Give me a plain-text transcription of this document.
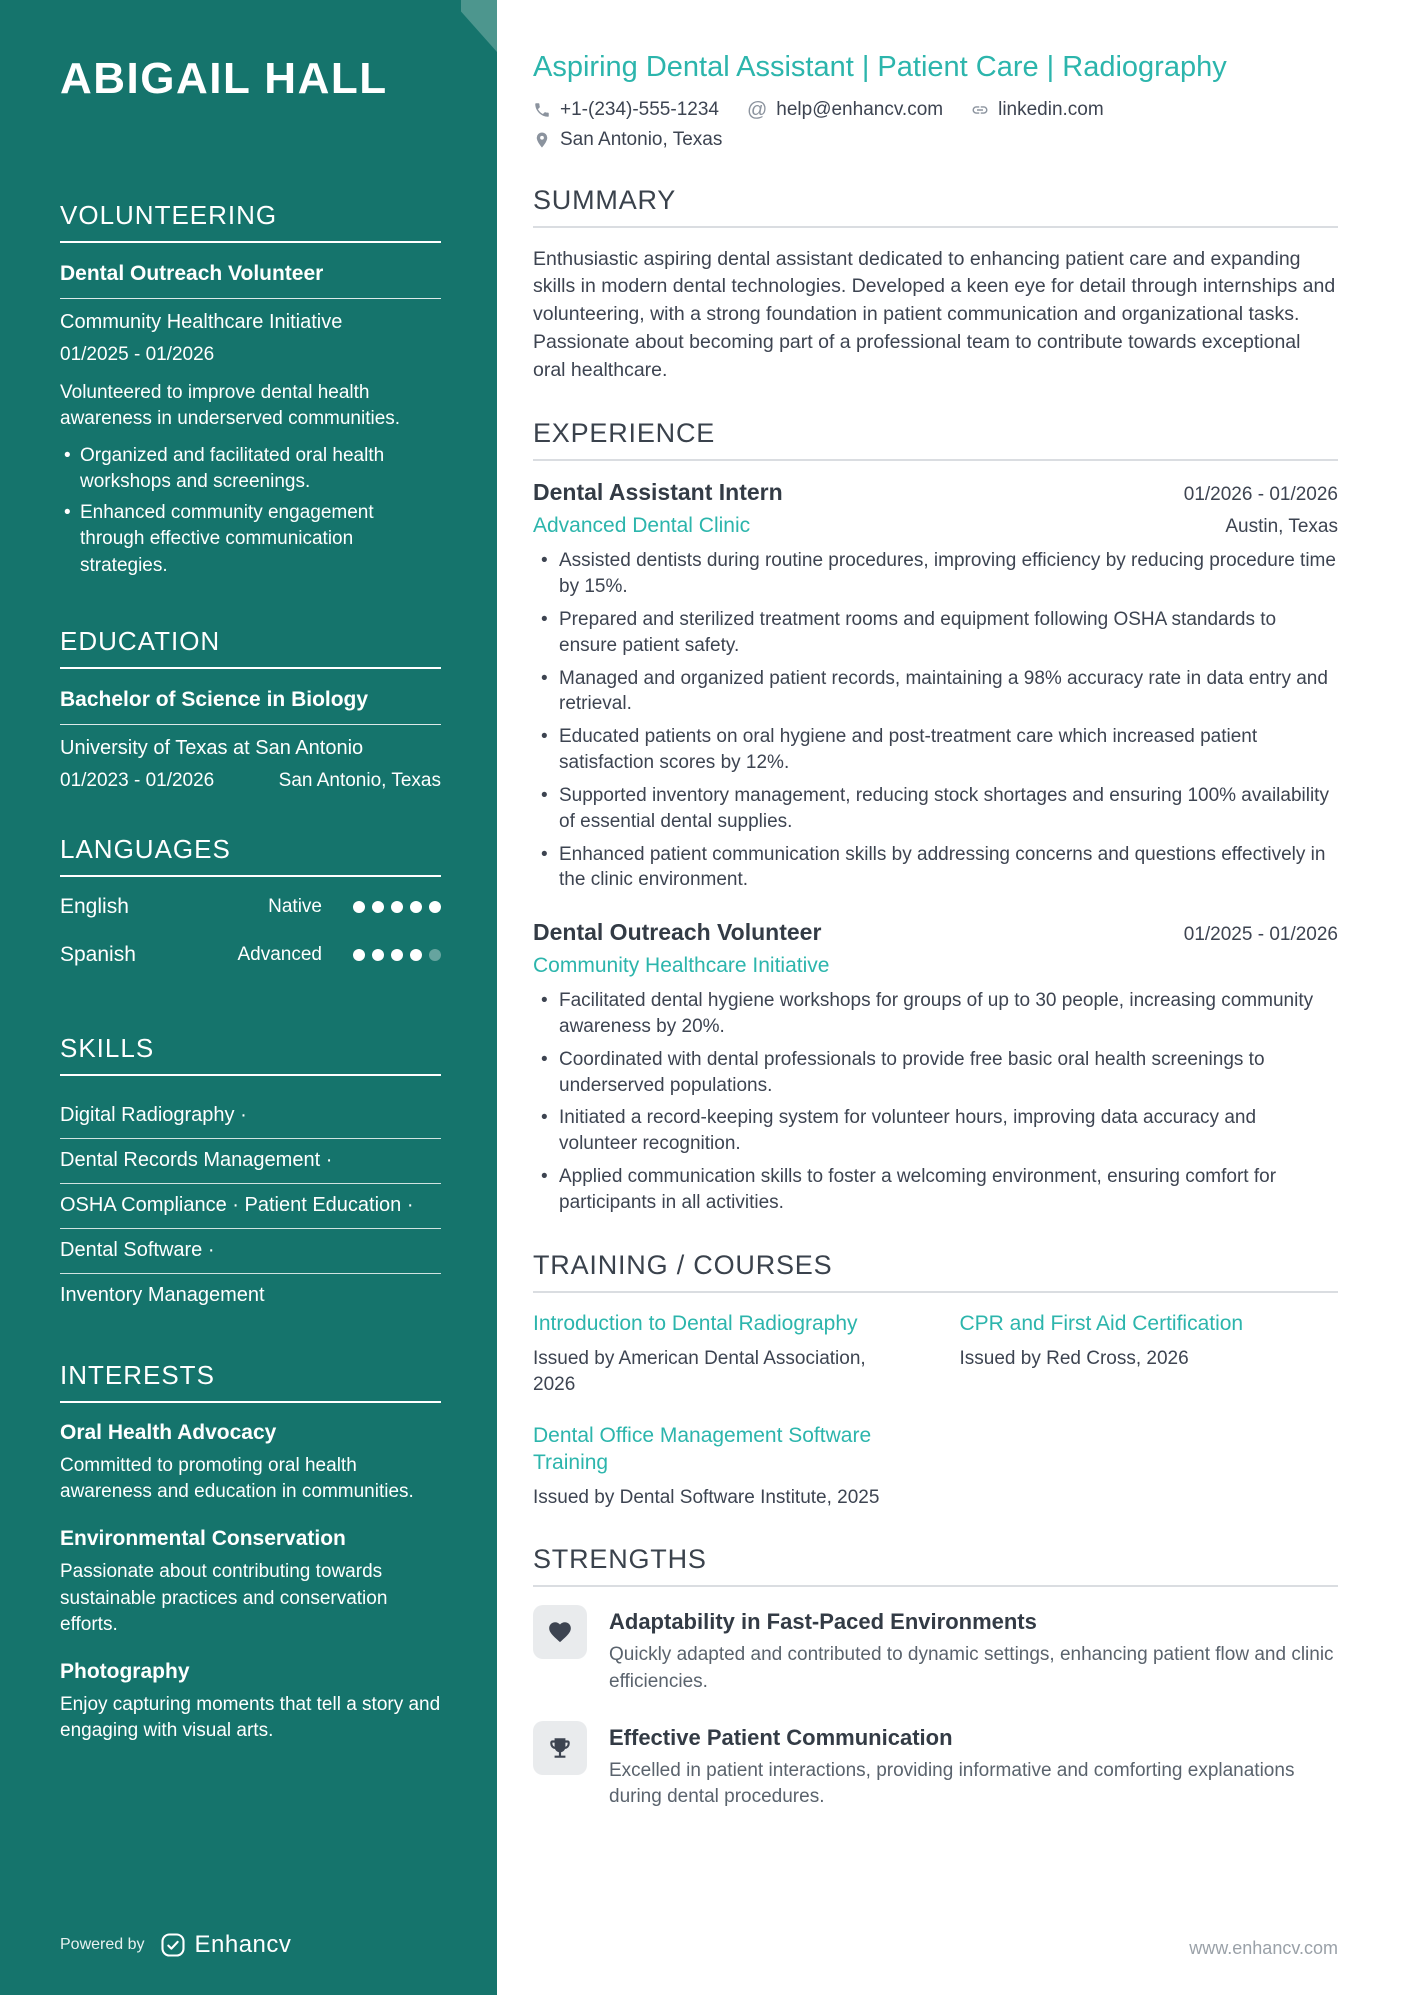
ABIGAIL HALL
VOLUNTEERING
Dental Outreach Volunteer
Community Healthcare Initiative
01/2025 - 01/2026

Volunteered to improve dental health awareness in underserved communities.

• Organized and facilitated oral health workshops and screenings.
• Enhanced community engagement through effective communication strategies.
EDUCATION
Bachelor of Science in Biology
University of Texas at San Antonio
01/2023 - 01/2026	San Antonio, Texas
LANGUAGES
English	Native
Spanish	Advanced
SKILLS
Digital Radiography ·
Dental Records Management ·
OSHA Compliance · Patient Education ·
Dental Software ·
Inventory Management
INTERESTS
Oral Health Advocacy

Committed to promoting oral health awareness and education in communities.

Environmental Conservation

Passionate about contributing towards sustainable practices and conservation efforts.

Photography

Enjoy capturing moments that tell a story and engaging with visual arts.

Powered by Enhancv
Aspiring Dental Assistant | Patient Care | Radiography
+1-(234)-555-1234 @ help@enhancv.com	linkedin.com
San Antonio, Texas
SUMMARY

Enthusiastic aspiring dental assistant dedicated to enhancing patient care and expanding skills in modern dental technologies. Developed a keen eye for detail through internships and volunteering, with a strong foundation in patient communication and organizational tasks. Passionate about becoming part of a professional team to contribute towards exceptional oral healthcare.

EXPERIENCE
Dental Assistant Intern	01/2026 - 01/2026
Advanced Dental Clinic	Austin, Texas
• Assisted dentists during routine procedures, improving efficiency by reducing procedure time by 15%.
• Prepared and sterilized treatment rooms and equipment following OSHA standards to ensure patient safety.
• Managed and organized patient records, maintaining a 98% accuracy rate in data entry and retrieval.
• Educated patients on oral hygiene and post-treatment care which increased patient satisfaction scores by 12%.
• Supported inventory management, reducing stock shortages and ensuring 100% availability of essential dental supplies.
• Enhanced patient communication skills by addressing concerns and questions effectively in the clinic environment.
Dental Outreach Volunteer	01/2025 - 01/2026
Community Healthcare Initiative
• Facilitated dental hygiene workshops for groups of up to 30 people, increasing community awareness by 20%.
• Coordinated with dental professionals to provide free basic oral health screenings to underserved populations.
• Initiated a record-keeping system for volunteer hours, improving data accuracy and volunteer recognition.
• Applied communication skills to foster a welcoming environment, ensuring comfort for participants in all activities.
TRAINING / COURSES
Introduction to Dental Radiography
Issued by American Dental Association, 2026
CPR and First Aid Certification
Issued by Red Cross, 2026
Dental Office Management Software Training
Issued by Dental Software Institute, 2025
STRENGTHS
Adaptability in Fast-Paced Environments

Quickly adapted and contributed to dynamic settings, enhancing patient flow and clinic efficiencies.

Effective Patient Communication

Excelled in patient interactions, providing informative and comforting explanations during dental procedures.

www.enhancv.com
